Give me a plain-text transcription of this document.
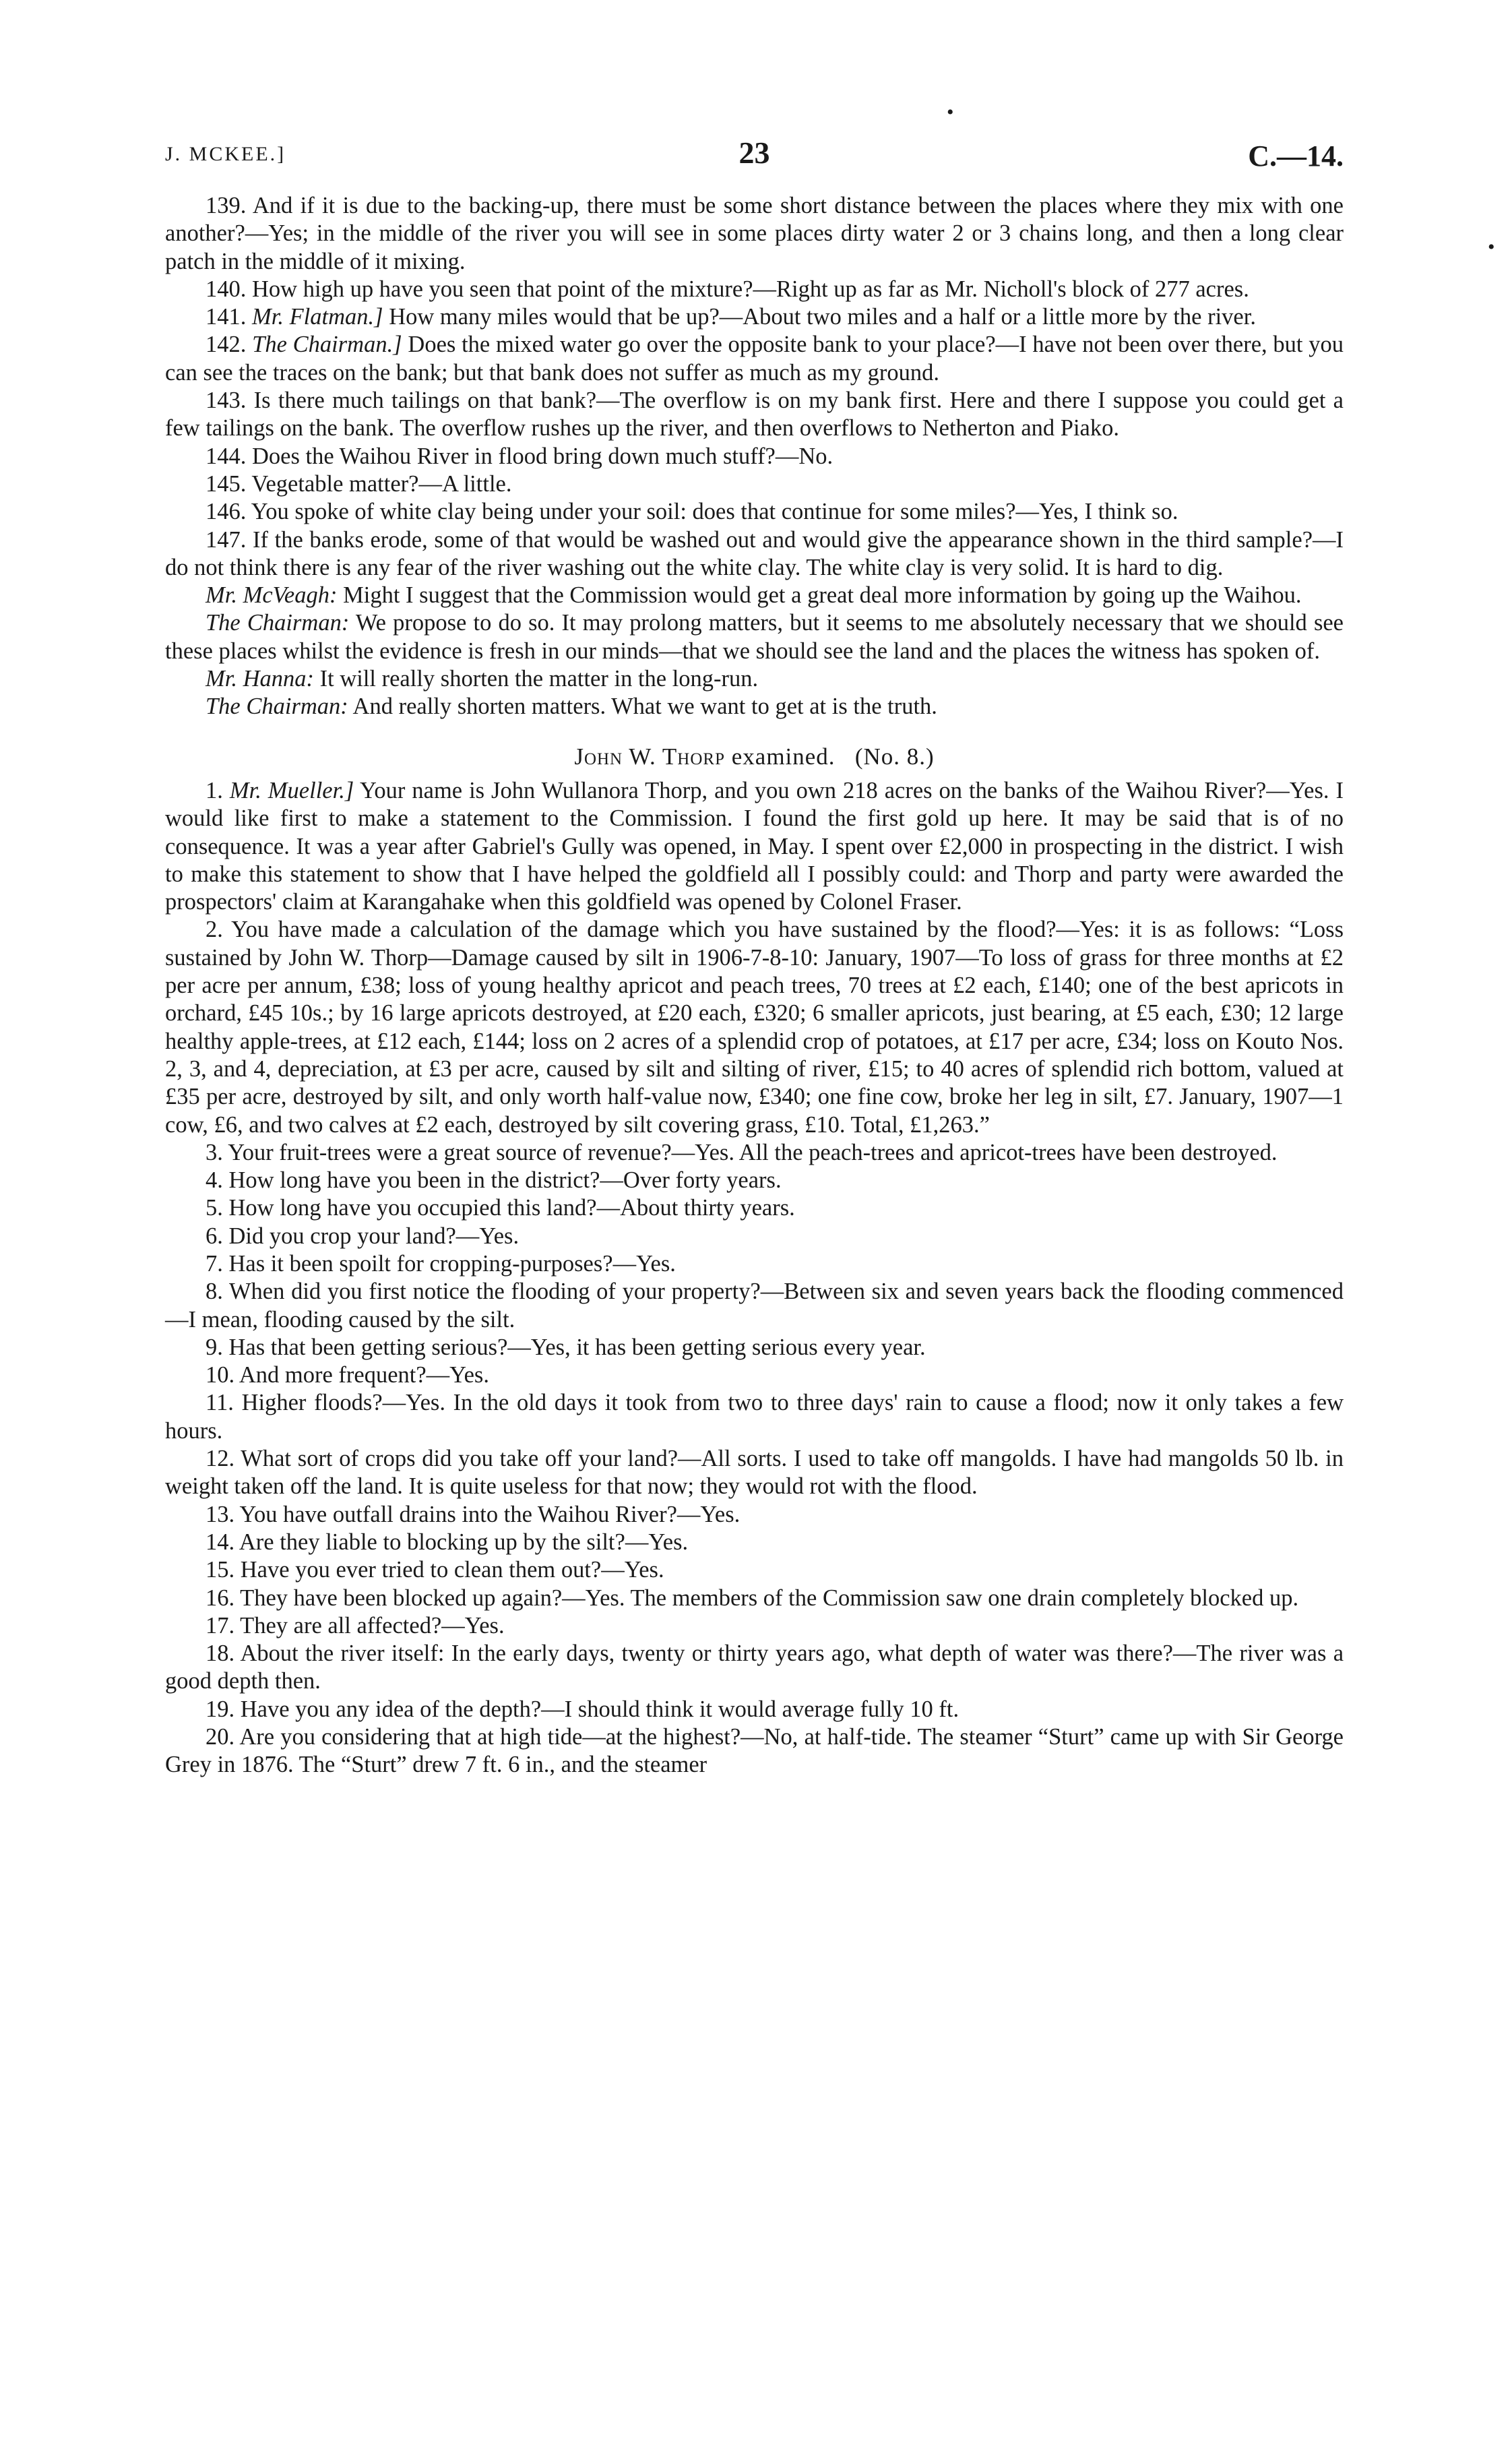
J. MCKEE.]	23	C.—14.
•
•

139. And if it is due to the backing-up, there must be some short distance between the places where they mix with one another?—Yes; in the middle of the river you will see in some places dirty water 2 or 3 chains long, and then a long clear patch in the middle of it mixing.

140. How high up have you seen that point of the mixture?—Right up as far as Mr. Nicholl's block of 277 acres.

141. Mr. Flatman.] How many miles would that be up?—About two miles and a half or a little more by the river.

142. The Chairman.] Does the mixed water go over the opposite bank to your place?—I have not been over there, but you can see the traces on the bank; but that bank does not suffer as much as my ground.

143. Is there much tailings on that bank?—The overflow is on my bank first. Here and there I suppose you could get a few tailings on the bank. The overflow rushes up the river, and then overflows to Netherton and Piako.

144. Does the Waihou River in flood bring down much stuff?—No.

145. Vegetable matter?—A little.

146. You spoke of white clay being under your soil: does that continue for some miles?—Yes, I think so.

147. If the banks erode, some of that would be washed out and would give the appearance shown in the third sample?—I do not think there is any fear of the river washing out the white clay. The white clay is very solid. It is hard to dig.

Mr. McVeagh: Might I suggest that the Commission would get a great deal more information by going up the Waihou.

The Chairman: We propose to do so. It may prolong matters, but it seems to me absolutely necessary that we should see these places whilst the evidence is fresh in our minds—that we should see the land and the places the witness has spoken of.

Mr. Hanna: It will really shorten the matter in the long-run.

The Chairman: And really shorten matters. What we want to get at is the truth.

John W. Thorp examined. (No. 8.)

1. Mr. Mueller.] Your name is John Wullanora Thorp, and you own 218 acres on the banks of the Waihou River?—Yes. I would like first to make a statement to the Commission. I found the first gold up here. It may be said that is of no consequence. It was a year after Gabriel's Gully was opened, in May. I spent over £2,000 in prospecting in the district. I wish to make this statement to show that I have helped the goldfield all I possibly could: and Thorp and party were awarded the prospectors' claim at Karangahake when this goldfield was opened by Colonel Fraser.

2. You have made a calculation of the damage which you have sustained by the flood?—Yes: it is as follows: “Loss sustained by John W. Thorp—Damage caused by silt in 1906-7-8-10: January, 1907—To loss of grass for three months at £2 per acre per annum, £38; loss of young healthy apricot and peach trees, 70 trees at £2 each, £140; one of the best apricots in orchard, £45 10s.; by 16 large apricots destroyed, at £20 each, £320; 6 smaller apricots, just bearing, at £5 each, £30; 12 large healthy apple-trees, at £12 each, £144; loss on 2 acres of a splendid crop of potatoes, at £17 per acre, £34; loss on Kouto Nos. 2, 3, and 4, depreciation, at £3 per acre, caused by silt and silting of river, £15; to 40 acres of splendid rich bottom, valued at £35 per acre, destroyed by silt, and only worth half-value now, £340; one fine cow, broke her leg in silt, £7. January, 1907—1 cow, £6, and two calves at £2 each, destroyed by silt covering grass, £10. Total, £1,263.”

3. Your fruit-trees were a great source of revenue?—Yes. All the peach-trees and apricot-trees have been destroyed.

4. How long have you been in the district?—Over forty years.

5. How long have you occupied this land?—About thirty years.

6. Did you crop your land?—Yes.

7. Has it been spoilt for cropping-purposes?—Yes.

8. When did you first notice the flooding of your property?—Between six and seven years back the flooding commenced—I mean, flooding caused by the silt.

9. Has that been getting serious?—Yes, it has been getting serious every year.

10. And more frequent?—Yes.

11. Higher floods?—Yes. In the old days it took from two to three days' rain to cause a flood; now it only takes a few hours.

12. What sort of crops did you take off your land?—All sorts. I used to take off mangolds. I have had mangolds 50 lb. in weight taken off the land. It is quite useless for that now; they would rot with the flood.

13. You have outfall drains into the Waihou River?—Yes.

14. Are they liable to blocking up by the silt?—Yes.

15. Have you ever tried to clean them out?—Yes.

16. They have been blocked up again?—Yes. The members of the Commission saw one drain completely blocked up.

17. They are all affected?—Yes.

18. About the river itself: In the early days, twenty or thirty years ago, what depth of water was there?—The river was a good depth then.

19. Have you any idea of the depth?—I should think it would average fully 10 ft.

20. Are you considering that at high tide—at the highest?—No, at half-tide. The steamer “Sturt” came up with Sir George Grey in 1876. The “Sturt” drew 7 ft. 6 in., and the steamer
